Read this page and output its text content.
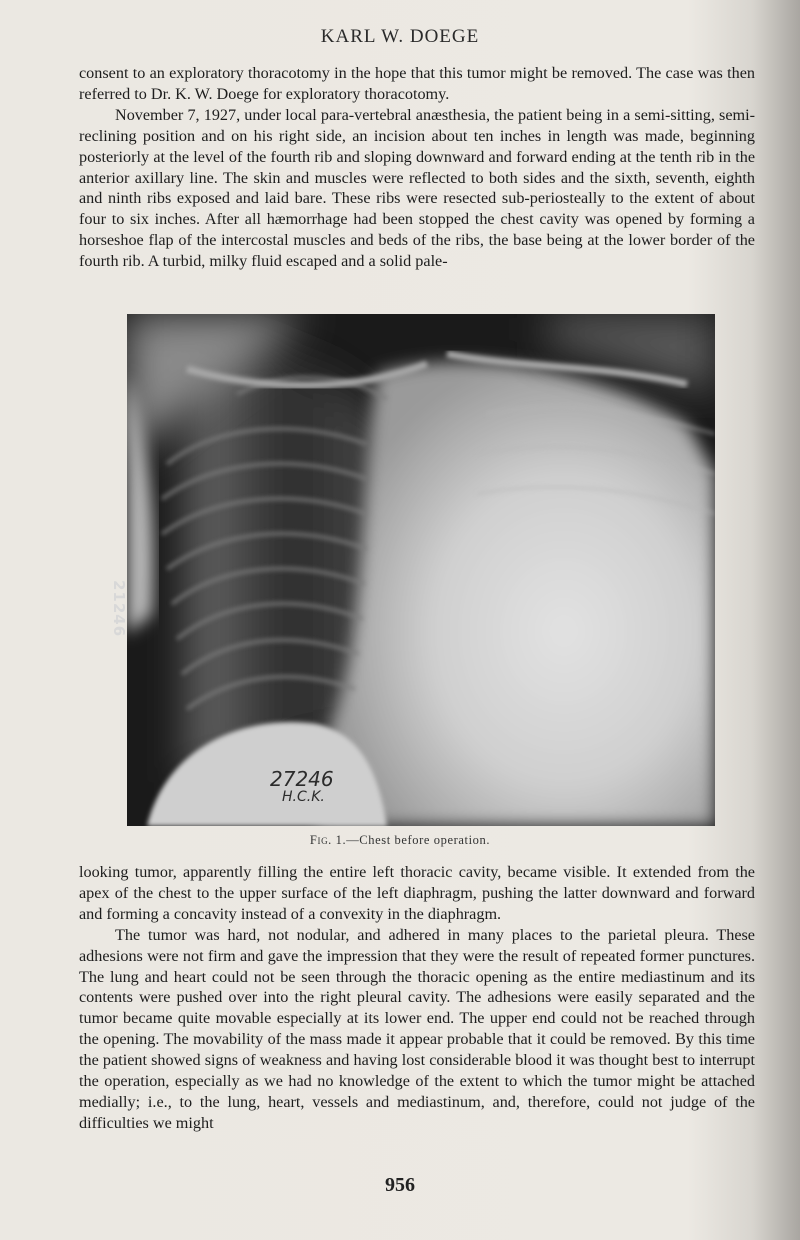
KARL W. DOEGE

consent to an exploratory thoracotomy in the hope that this tumor might be removed. The case was then referred to Dr. K. W. Doege for exploratory thoracotomy.

November 7, 1927, under local para-vertebral anæsthesia, the patient being in a semi-sitting, semi-reclining position and on his right side, an incision about ten inches in length was made, beginning posteriorly at the level of the fourth rib and sloping downward and forward ending at the tenth rib in the anterior axillary line. The skin and muscles were reflected to both sides and the sixth, seventh, eighth and ninth ribs exposed and laid bare. These ribs were resected sub-periosteally to the extent of about four to six inches. After all hæmorrhage had been stopped the chest cavity was opened by forming a horseshoe flap of the intercostal muscles and beds of the ribs, the base being at the lower border of the fourth rib. A turbid, milky fluid escaped and a solid pale-

21246
27246
H.C.K.
Fig. 1.—Chest before operation.

looking tumor, apparently filling the entire left thoracic cavity, became visible. It extended from the apex of the chest to the upper surface of the left diaphragm, pushing the latter downward and forward and forming a concavity instead of a convexity in the diaphragm.

The tumor was hard, not nodular, and adhered in many places to the parietal pleura. These adhesions were not firm and gave the impression that they were the result of repeated former punctures. The lung and heart could not be seen through the thoracic opening as the entire mediastinum and its contents were pushed over into the right pleural cavity. The adhesions were easily separated and the tumor became quite movable especially at its lower end. The upper end could not be reached through the opening. The movability of the mass made it appear probable that it could be removed. By this time the patient showed signs of weakness and having lost considerable blood it was thought best to interrupt the operation, especially as we had no knowledge of the extent to which the tumor might be attached medially; i.e., to the lung, heart, vessels and mediastinum, and, therefore, could not judge of the difficulties we might

956
